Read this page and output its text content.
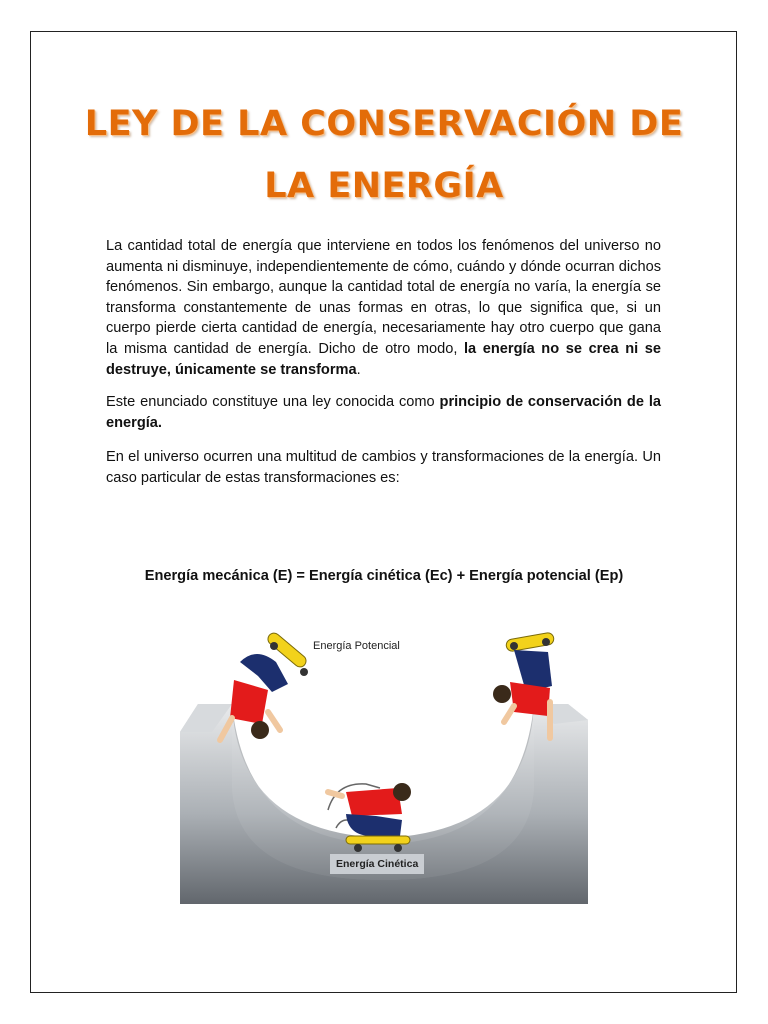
LEY DE LA CONSERVACIÓN DE
LA ENERGÍA

La cantidad total de energía que interviene en todos los fenómenos del universo no aumenta ni disminuye, independientemente de cómo, cuándo y dónde ocurran dichos fenómenos. Sin embargo, aunque la cantidad total de energía no varía, la energía se transforma constantemente de unas formas en otras, lo que significa que, si un cuerpo pierde cierta cantidad de energía, necesariamente hay otro cuerpo que gana la misma cantidad de energía. Dicho de otro modo, la energía no se crea ni se destruye, únicamente se transforma.

Este enunciado constituye una ley conocida como principio de conservación de la energía.

En el universo ocurren una multitud de cambios y transformaciones de la energía. Un caso particular de estas transformaciones es:

Energía mecánica (E) = Energía cinética (Ec) + Energía potencial (Ep)

Energía Potencial
Energía Cinética
